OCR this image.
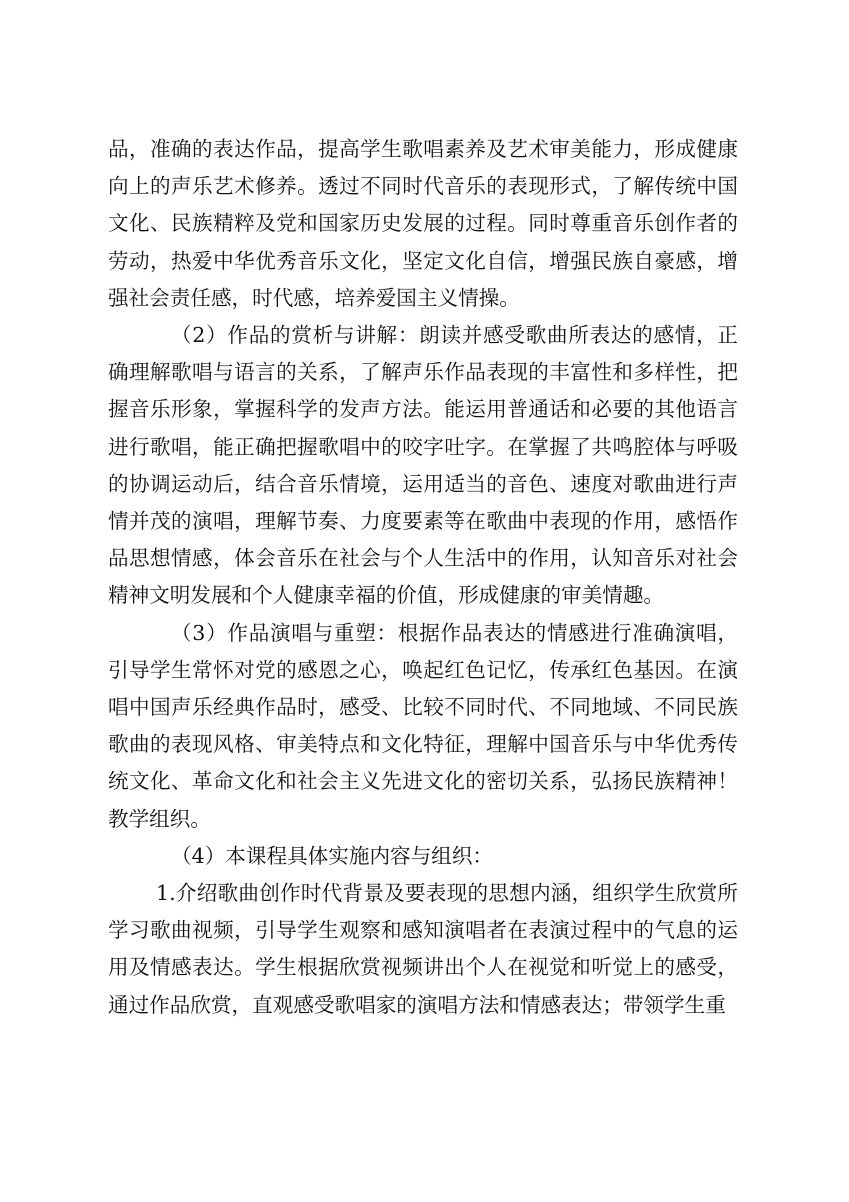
品，准确的表达作品，提高学生歌唱素养及艺术审美能力，形成健康向上的声乐艺术修养。透过不同时代音乐的表现形式，了解传统中国文化、民族精粹及党和国家历史发展的过程。同时尊重音乐创作者的劳动，热爱中华优秀音乐文化，坚定文化自信，增强民族自豪感，增强社会责任感，时代感，培养爱国主义情操。

（2）作品的赏析与讲解：朗读并感受歌曲所表达的感情，正确理解歌唱与语言的关系，了解声乐作品表现的丰富性和多样性，把握音乐形象，掌握科学的发声方法。能运用普通话和必要的其他语言进行歌唱，能正确把握歌唱中的咬字吐字。在掌握了共鸣腔体与呼吸的协调运动后，结合音乐情境，运用适当的音色、速度对歌曲进行声情并茂的演唱，理解节奏、力度要素等在歌曲中表现的作用，感悟作品思想情感，体会音乐在社会与个人生活中的作用，认知音乐对社会精神文明发展和个人健康幸福的价值，形成健康的审美情趣。

（3）作品演唱与重塑：根据作品表达的情感进行准确演唱，引导学生常怀对党的感恩之心，唤起红色记忆，传承红色基因。在演唱中国声乐经典作品时，感受、比较不同时代、不同地域、不同民族歌曲的表现风格、审美特点和文化特征，理解中国音乐与中华优秀传统文化、革命文化和社会主义先进文化的密切关系，弘扬民族精神！教学组织。

（4）本课程具体实施内容与组织：

1.介绍歌曲创作时代背景及要表现的思想内涵，组织学生欣赏所学习歌曲视频，引导学生观察和感知演唱者在表演过程中的气息的运用及情感表达。学生根据欣赏视频讲出个人在视觉和听觉上的感受，通过作品欣赏，直观感受歌唱家的演唱方法和情感表达；带领学生重
